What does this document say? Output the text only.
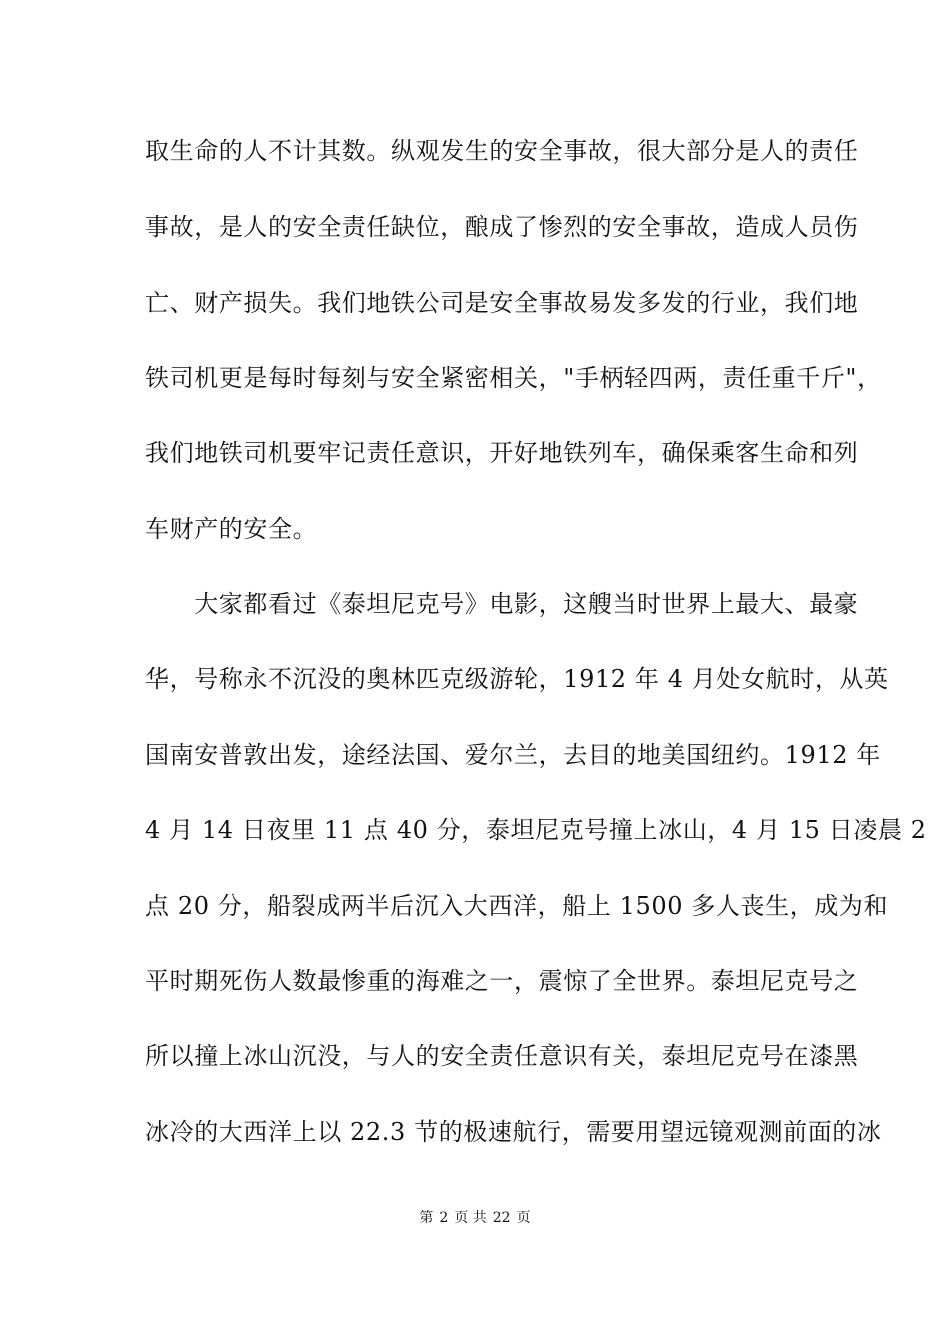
取生命的人不计其数。纵观发生的安全事故，很大部分是人的责任
事故，是人的安全责任缺位，酿成了惨烈的安全事故，造成人员伤
亡、财产损失。我们地铁公司是安全事故易发多发的行业，我们地
铁司机更是每时每刻与安全紧密相关，"手柄轻四两，责任重千斤"，
我们地铁司机要牢记责任意识，开好地铁列车，确保乘客生命和列
车财产的安全。
　　大家都看过《泰坦尼克号》电影，这艘当时世界上最大、最豪
华，号称永不沉没的奥林匹克级游轮，1912 年 4 月处女航时，从英
国南安普敦出发，途经法国、爱尔兰，去目的地美国纽约。1912 年
4 月 14 日夜里 11 点 40 分，泰坦尼克号撞上冰山，4 月 15 日凌晨 2
点 20 分，船裂成两半后沉入大西洋，船上 1500 多人丧生，成为和
平时期死伤人数最惨重的海难之一，震惊了全世界。泰坦尼克号之
所以撞上冰山沉没，与人的安全责任意识有关，泰坦尼克号在漆黑
冰冷的大西洋上以 22.3 节的极速航行，需要用望远镜观测前面的冰
第 2 页 共 22 页
